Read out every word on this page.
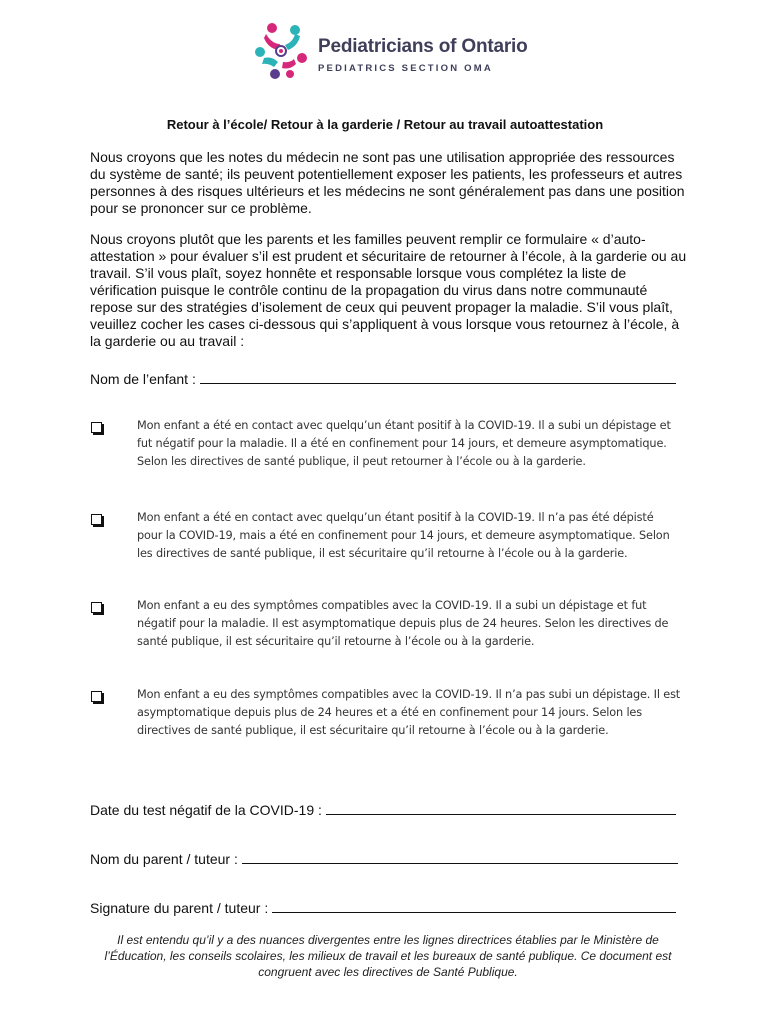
Pediatricians of Ontario
PEDIATRICS SECTION OMA
Retour à l’école/ Retour à la garderie / Retour au travail autoattestation
Nous croyons que les notes du médecin ne sont pas une utilisation appropriée des ressources du système de santé; ils peuvent potentiellement exposer les patients, les professeurs et autres personnes à des risques ultérieurs et les médecins ne sont généralement pas dans une position pour se prononcer sur ce problème.
Nous croyons plutôt que les parents et les familles peuvent remplir ce formulaire « d’auto-attestation » pour évaluer s’il est prudent et sécuritaire de retourner à l’école, à la garderie ou au travail. S’il vous plaît, soyez honnête et responsable lorsque vous complétez la liste de vérification puisque le contrôle continu de la propagation du virus dans notre communauté repose sur des stratégies d’isolement de ceux qui peuvent propager la maladie. S’il vous plaît, veuillez cocher les cases ci-dessous qui s’appliquent à vous lorsque vous retournez à l’école, à la garderie ou au travail :
Nom de l’enfant :
Mon enfant a été en contact avec quelqu’un étant positif à la COVID-19. Il a subi un dépistage et fut négatif pour la maladie. Il a été en confinement pour 14 jours, et demeure asymptomatique. Selon les directives de santé publique, il peut retourner à l’école ou à la garderie.
Mon enfant a été en contact avec quelqu’un étant positif à la COVID-19. Il n’a pas été dépisté pour la COVID-19, mais a été en confinement pour 14 jours, et demeure asymptomatique. Selon les directives de santé publique, il est sécuritaire qu’il retourne à l’école ou à la garderie.
Mon enfant a eu des symptômes compatibles avec la COVID-19. Il a subi un dépistage et fut négatif pour la maladie. Il est asymptomatique depuis plus de 24 heures. Selon les directives de santé publique, il est sécuritaire qu’il retourne à l’école ou à la garderie.
Mon enfant a eu des symptômes compatibles avec la COVID-19. Il n’a pas subi un dépistage. Il est asymptomatique depuis plus de 24 heures et a été en confinement pour 14 jours. Selon les directives de santé publique, il est sécuritaire qu’il retourne à l’école ou à la garderie.
Date du test négatif de la COVID-19 :
Nom du parent / tuteur :
Signature du parent / tuteur :
Il est entendu qu’il y a des nuances divergentes entre les lignes directrices établies par le Ministère de l’Éducation, les conseils scolaires, les milieux de travail et les bureaux de santé publique. Ce document est congruent avec les directives de Santé Publique.
